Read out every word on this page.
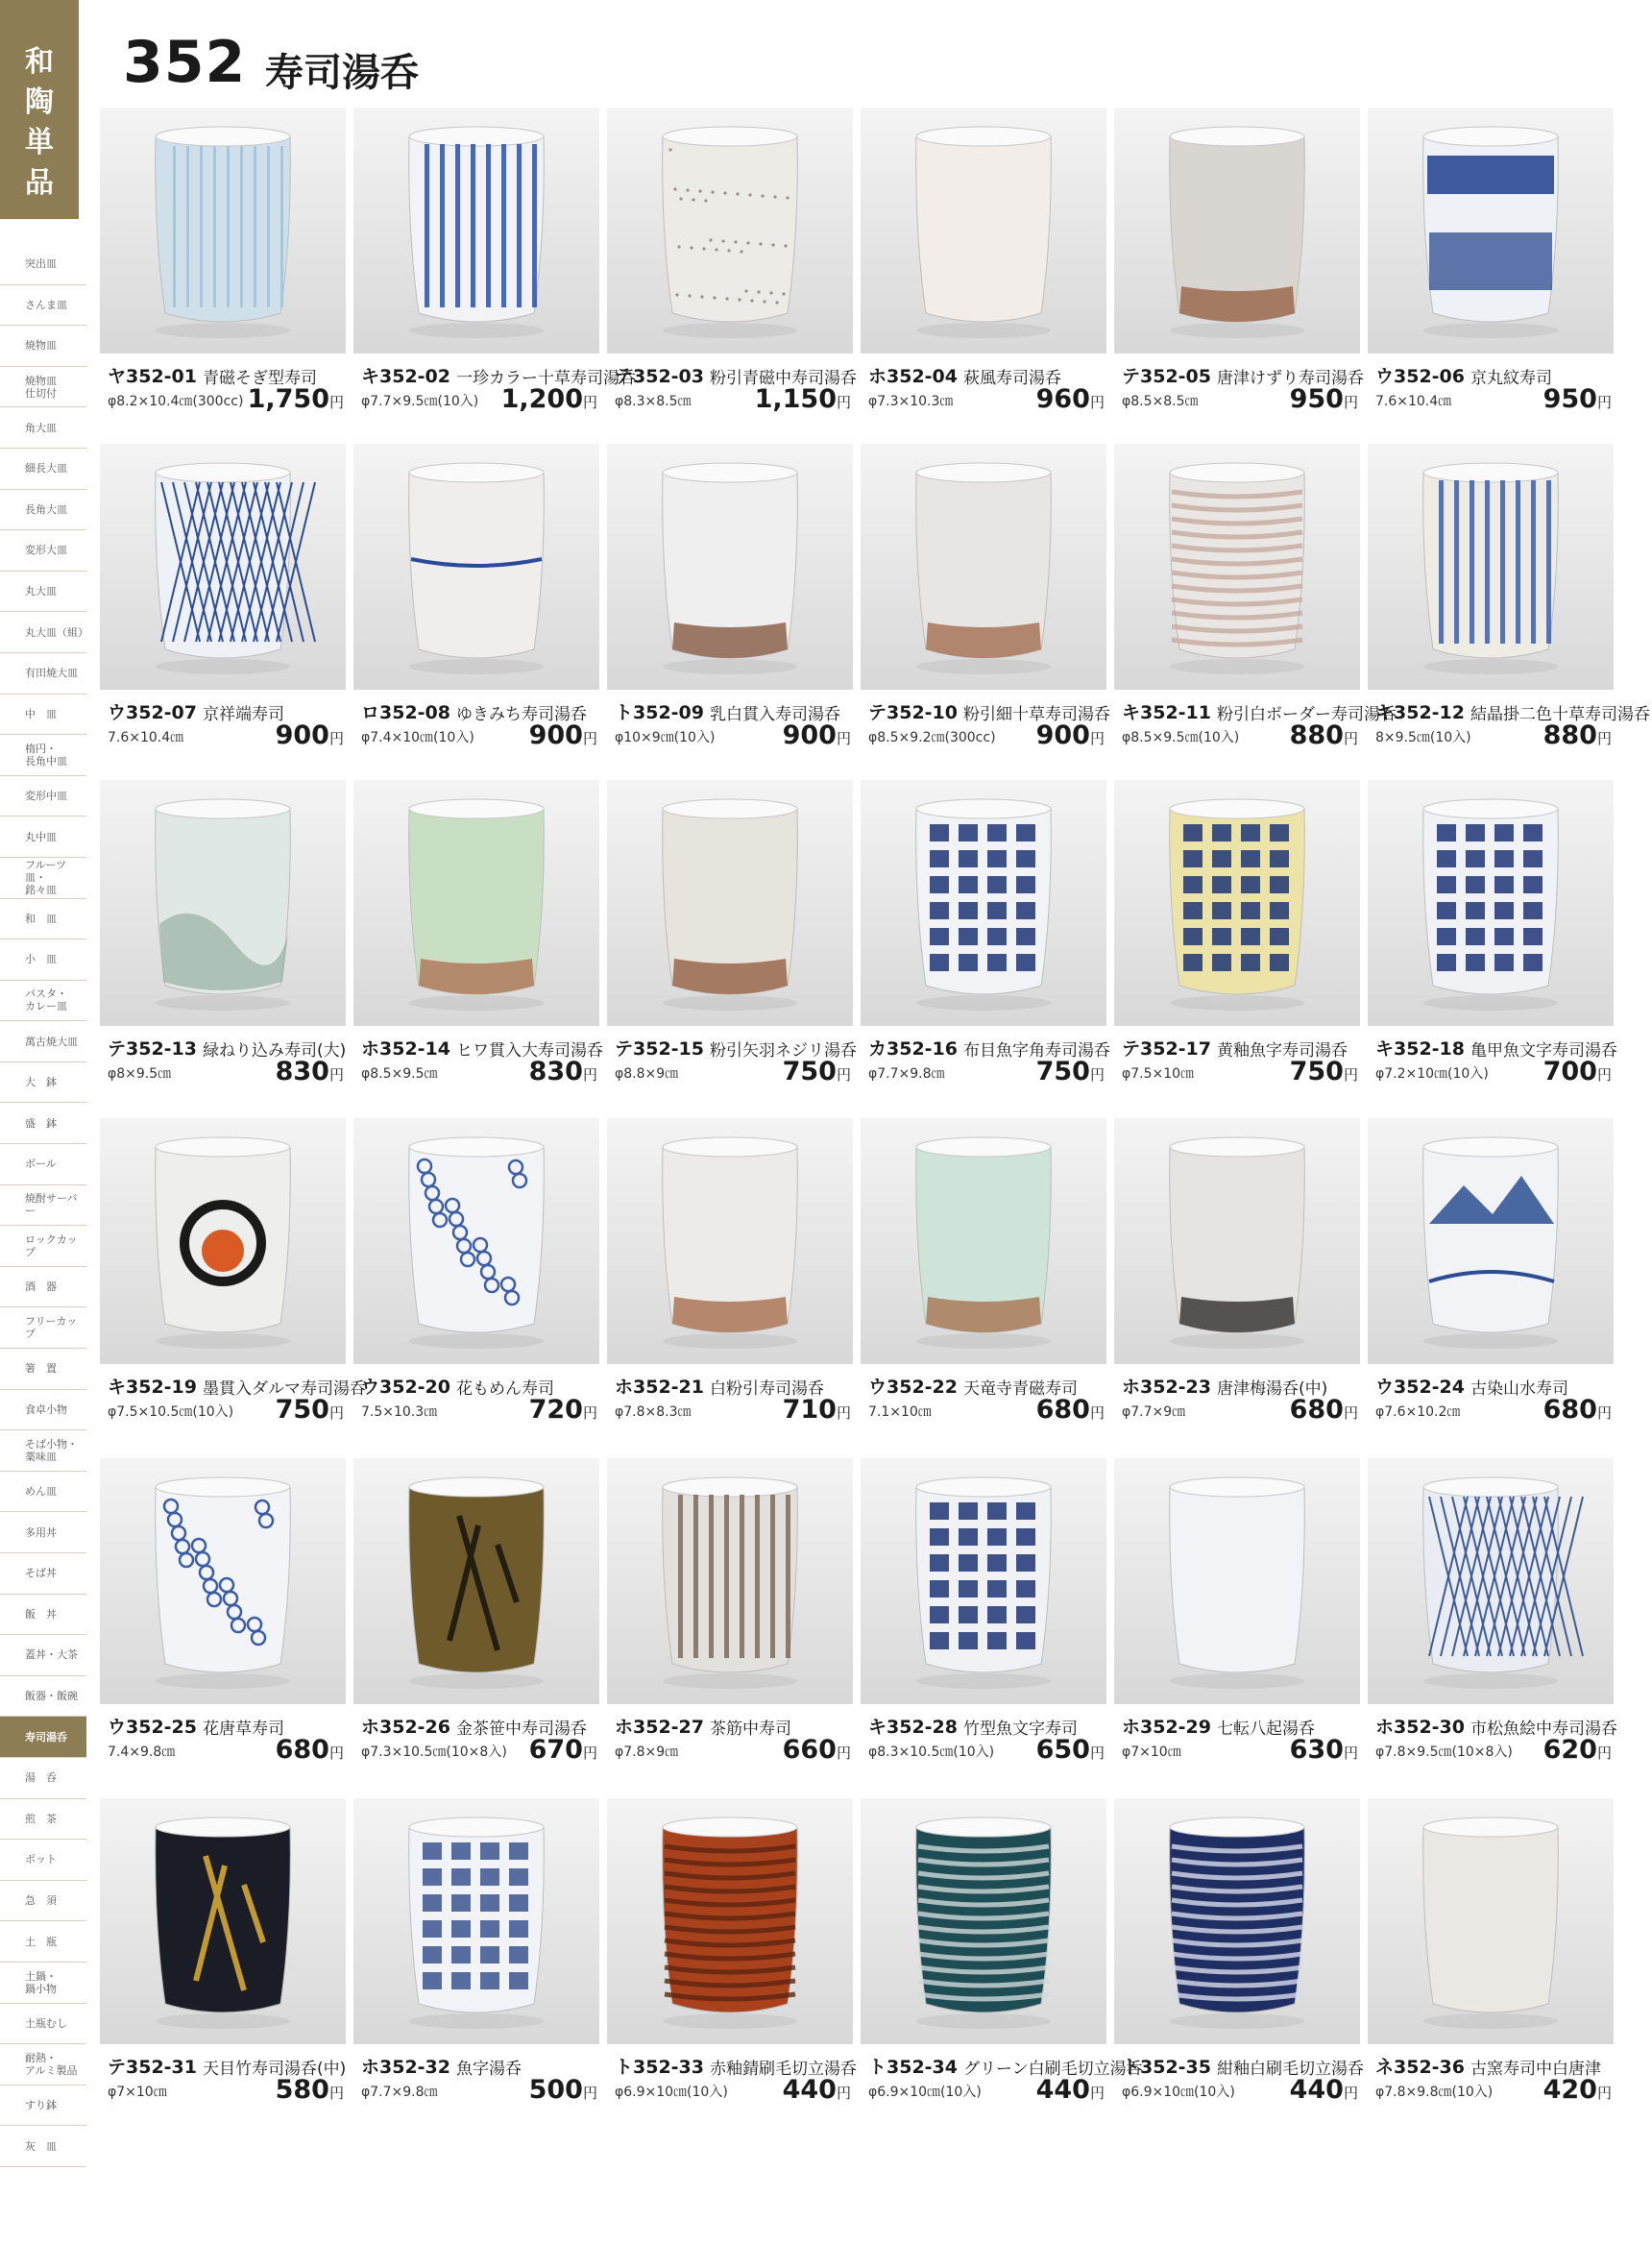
和
陶
単
品
突出皿
さんま皿
焼物皿
焼物皿
仕切付
角大皿
細長大皿
長角大皿
変形大皿
丸大皿
丸大皿（組）
有田焼大皿
中　皿
楕円・
長角中皿
変形中皿
丸中皿
フルーツ皿・
銘々皿
和　皿
小　皿
パスタ・
カレー皿
萬古焼大皿
大　鉢
盛　鉢
ボール
焼酎サーバー
ロックカップ
酒　器
フリーカップ
箸　置
食卓小物
そば小物・
薬味皿
めん皿
多用丼
そば丼
飯　丼
蓋丼・大茶
飯器・飯碗
寿司湯呑
湯　呑
煎　茶
ポット
急　須
土　瓶
土鍋・
鍋小物
土瓶むし
耐熱・
アルミ製品
すり鉢
灰　皿
352 寿司湯呑
ヤ352-01 青磁そぎ型寿司
φ8.2×10.4㎝(300cc) 1,750円
キ352-02 一珍カラー十草寿司湯呑
φ7.7×9.5㎝(10入) 1,200円
テ352-03 粉引青磁中寿司湯呑
φ8.3×8.5㎝ 1,150円
ホ352-04 萩風寿司湯呑
φ7.3×10.3㎝	960円
テ352-05 唐津けずり寿司湯呑
φ8.5×8.5㎝	950円
ウ352-06 京丸紋寿司
7.6×10.4㎝	950円
ウ352-07 京祥端寿司
7.6×10.4㎝	900円
ロ352-08 ゆきみち寿司湯呑
φ7.4×10㎝(10入) 900円
ト352-09 乳白貫入寿司湯呑
φ10×9㎝(10入)	900円
テ352-10 粉引細十草寿司湯呑
φ8.5×9.2㎝(300cc) 900円
キ352-11 粉引白ボーダー寿司湯呑
φ8.5×9.5㎝(10入) 880円
キ352-12 結晶掛二色十草寿司湯呑
8×9.5㎝(10入)	880円
テ352-13 緑ねり込み寿司(大)
φ8×9.5㎝	830円
ホ352-14 ヒワ貫入大寿司湯呑
φ8.5×9.5㎝	830円
テ352-15 粉引矢羽ネジリ湯呑
φ8.8×9㎝	750円
カ352-16 布目魚字角寿司湯呑
φ7.7×9.8㎝	750円
テ352-17 黄釉魚字寿司湯呑
φ7.5×10㎝	750円
キ352-18 亀甲魚文字寿司湯呑
φ7.2×10㎝(10入) 700円
キ352-19 墨貫入ダルマ寿司湯呑
φ7.5×10.5㎝(10入) 750円
ウ352-20 花もめん寿司
7.5×10.3㎝	720円
ホ352-21 白粉引寿司湯呑
φ7.8×8.3㎝	710円
ウ352-22 天竜寺青磁寿司
7.1×10㎝	680円
ホ352-23 唐津梅湯呑(中)
φ7.7×9㎝	680円
ウ352-24 古染山水寿司
φ7.6×10.2㎝	680円
ウ352-25 花唐草寿司
7.4×9.8㎝	680円
ホ352-26 金茶笹中寿司湯呑
φ7.3×10.5㎝(10×8入) 670円
ホ352-27 茶筋中寿司
φ7.8×9㎝	660円
キ352-28 竹型魚文字寿司
φ8.3×10.5㎝(10入) 650円
ホ352-29 七転八起湯呑
φ7×10㎝	630円
ホ352-30 市松魚絵中寿司湯呑
φ7.8×9.5㎝(10×8入) 620円
テ352-31 天目竹寿司湯呑(中)
φ7×10㎝	580円
ホ352-32 魚字湯呑
φ7.7×9.8㎝	500円
ト352-33 赤釉錆刷毛切立湯呑
φ6.9×10㎝(10入) 440円
ト352-34 グリーン白刷毛切立湯呑
φ6.9×10㎝(10入) 440円
ト352-35 紺釉白刷毛切立湯呑
φ6.9×10㎝(10入) 440円
ネ352-36 古窯寿司中白唐津
φ7.8×9.8㎝(10入) 420円
